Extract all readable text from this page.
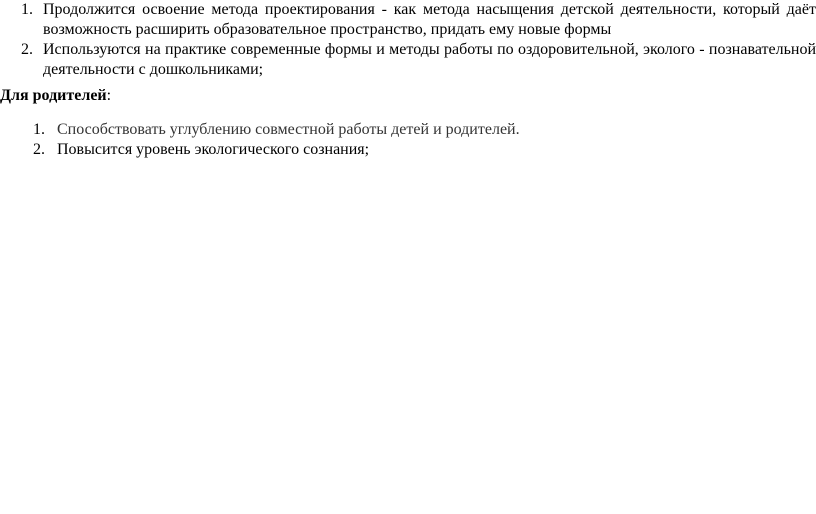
1. Продолжится освоение метода проектирования - как метода насыщения детской деятельности, который даёт
возможность расширить образовательное пространство, придать ему новые формы
2. Используются на практике современные формы и методы работы по оздоровительной, эколого - познавательной
деятельности с дошкольниками;

Для родителей:

1. Способствовать углублению совместной работы детей и родителей.
2. Повысится уровень экологического сознания;
